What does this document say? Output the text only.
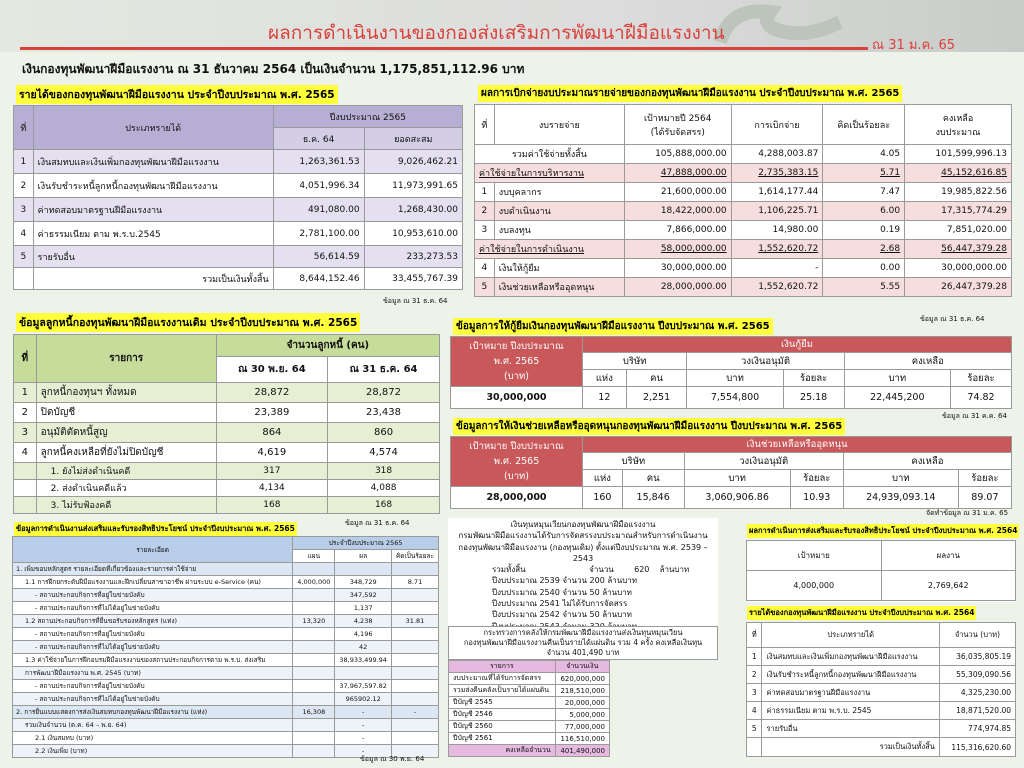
ผลการดำเนินงานของกองส่งเสริมการพัฒนาฝีมือแรงงาน
ณ 31 ม.ค. 65
เงินกองทุนพัฒนาฝีมือแรงงาน ณ 31 ธันวาคม 2564 เป็นเงินจำนวน 1,175,851,112.96 บาท
รายได้ของกองทุนพัฒนาฝีมือแรงงาน ประจำปีงบประมาณ พ.ศ. 2565
ที่	ประเภทรายได้	ปีงบประมาณ 2565	
		ธ.ค. 64	ยอดสะสม
1	เงินสมทบและเงินเพิ่มกองทุนพัฒนาฝีมือแรงงาน	1,263,361.53	9,026,462.21
2	เงินรับชำระหนี้ลูกหนี้กองทุนพัฒนาฝีมือแรงงาน	4,051,996.34	11,973,991.65
3	ค่าทดสอบมาตรฐานฝีมือแรงงาน	491,080.00	1,268,430.00
4	ค่าธรรมเนียม ตาม พ.ร.บ.2545	2,781,100.00	10,953,610.00
5	รายรับอื่น	56,614.59	233,273.53
	รวมเป็นเงินทั้งสิ้น	8,644,152.46	33,455,767.39
ข้อมูล ณ 31 ธ.ค. 64
ข้อมูลลูกหนี้กองทุนพัฒนาฝีมือแรงงานเดิม ประจำปีงบประมาณ พ.ศ. 2565
ที่	รายการ	จำนวนลูกหนี้ (คน)	
		ณ 30 พ.ย. 64	ณ 31 ธ.ค. 64
1	ลูกหนี้กองทุนฯ ทั้งหมด	28,872	28,872
2	ปิดบัญชี	23,389	23,438
3	อนุมัติตัดหนี้สูญ	864	860
4	ลูกหนี้คงเหลือที่ยังไม่ปิดบัญชี	4,619	4,574
	1. ยังไม่ส่งดำเนินคดี	317	318
	2. ส่งดำเนินคดีแล้ว	4,134	4,088
	3. ไม่รับฟ้องคดี	168	168
ผลการเบิกจ่ายงบประมาณรายจ่ายของกองทุนพัฒนาฝีมือแรงงาน ประจำปีงบประมาณ พ.ศ. 2565
ที่	งบรายจ่าย	เป้าหมายปี 2564
(ได้รับจัดสรร)	การเบิกจ่าย	คิดเป็นร้อยละ	คงเหลือ
งบประมาณ
รวมค่าใช้จ่ายทั้งสิ้น		105,888,000.00	4,288,003.87	4.05	101,599,996.13
ค่าใช้จ่ายในการบริหารงาน		47,888,000.00	2,735,383.15	5.71	45,152,616.85
1	งบบุคลากร	21,600,000.00	1,614,177.44	7.47	19,985,822.56
2	งบดำเนินงาน	18,422,000.00	1,106,225.71	6.00	17,315,774.29
3	งบลงทุน	7,866,000.00	14,980.00	0.19	7,851,020.00
ค่าใช้จ่ายในการดำเนินงาน		58,000,000.00	1,552,620.72	2.68	56,447,379.28
4	เงินให้กู้ยืม	30,000,000.00	-	0.00	30,000,000.00
5	เงินช่วยเหลือหรืออุดหนุน	28,000,000.00	1,552,620.72	5.55	26,447,379.28
ข้อมูล ณ 31 ธ.ค. 64
ข้อมูลการให้กู้ยืมเงินกองทุนพัฒนาฝีมือแรงงาน ปีงบประมาณ พ.ศ. 2565
เป้าหมาย ปีงบประมาณ
พ.ศ. 2565
(บาท)	เงินกู้ยืม					
	บริษัท		วงเงินอนุมัติ		คงเหลือ	
	แห่ง	คน	บาท	ร้อยละ	บาท	ร้อยละ
30,000,000	12	2,251	7,554,800	25.18	22,445,200	74.82
ข้อมูล ณ 31 ค.ค. 64
ข้อมูลการให้เงินช่วยเหลือหรืออุดหนุนกองทุนพัฒนาฝีมือแรงงาน ปีงบประมาณ พ.ศ. 2565
เป้าหมาย ปีงบประมาณ
พ.ศ. 2565
(บาท)	เงินช่วยเหลือหรืออุดหนุน					
	บริษัท		วงเงินอนุมัติ		คงเหลือ	
	แห่ง	คน	บาท	ร้อยละ	บาท	ร้อยละ
28,000,000	160	15,846	3,060,906.86	10.93	24,939,093.14	89.07
จัดทำข้อมูล ณ 31 ม.ค. 65
ข้อมูลการดำเนินงานส่งเสริมและรับรองสิทธิประโยชน์ ประจำปีงบประมาณ พ.ศ. 2565
ข้อมูล ณ 31 ธ.ค. 64
รายละเอียด	ประจำปีงบประมาณ 2565		
	แผน	ผล	คิดเป็นร้อยละ
1. เพิ่มขอบหลักสูตร รายละเอียดที่เกี่ยวข้องและรายการค่าใช้จ่าย			
1.1 การฝึกยกระดับฝีมือแรงงานและฝึกเปลี่ยนสาขาอาชีพ ผ่านระบบ e-Service (คน)	4,000,000	348,729	8.71
- สถานประกอบกิจการที่อยู่ในข่ายบังคับ		347,592	
- สถานประกอบกิจการที่ไม่ได้อยู่ในข่ายบังคับ		1,137	
1.2 สถานประกอบกิจการที่ยื่นขอรับรองหลักสูตร (แห่ง)	13,320	4,238	31.81
- สถานประกอบกิจการที่อยู่ในข่ายบังคับ		4,196	
- สถานประกอบกิจการที่ไม่ได้อยู่ในข่ายบังคับ		42	
1.3 ค่าใช้จ่ายในการฝึกอบรมฝีมือแรงงานของสถานประกอบกิจการตาม พ.ร.บ. ส่งเสริม		38,933,499.94	
การพัฒนาฝีมือแรงงาน พ.ศ. 2545 (บาท)			
- สถานประกอบกิจการที่อยู่ในข่ายบังคับ		37,967,597.82	
- สถานประกอบกิจการที่ไม่ได้อยู่ในข่ายบังคับ		965902.12	
2. การยื่นแบบแสดงการส่งเงินสมทบกองทุนพัฒนาฝีมือแรงงาน (แห่ง)	16,308	-	-
รวมเงินจำนวน (ต.ค. 64 – พ.ย. 64)		-	
2.1 เงินสมทบ (บาท)		-	
2.2 เงินเพิ่ม (บาท)		-	
ข้อมูล ณ 30 พ.ย. 64
เงินทุนหมุนเวียนกองทุนพัฒนาฝีมือแรงงาน
กรมพัฒนาฝีมือแรงงานได้รับการจัดสรรงบประมาณสำหรับการดำเนินงาน
กองทุนพัฒนาฝีมือแรงงาน (กองทุนเดิม) ตั้งแต่ปีงบประมาณ พ.ศ. 2539 – 2543
รวมทั้งสิ้น                         จำนวน        620    ล้านบาท
ปีงบประมาณ 2539 จำนวน 200 ล้านบาท
ปีงบประมาณ 2540 จำนวน 50 ล้านบาท
ปีงบประมาณ 2541 ไม่ได้รับการจัดสรร
ปีงบประมาณ 2542 จำนวน 50 ล้านบาท
กระทรวงการคลังให้กรมพัฒนาฝีมือแรงงานส่งเงินทุนหมุนเวียน
กองทุนพัฒนาฝีมือแรงงานคืนเป็นรายได้แผ่นดิน รวม 4 ครั้ง คงเหลือเงินทุน
จำนวน 401,490 บาท
รายการ	จำนวนเงิน
งบประมาณที่ได้รับการจัดสรร	620,000,000
รวมส่งคืนคลังเป็นรายได้แผ่นดิน	218,510,000
ปีบัญชี 2545	20,000,000
ปีบัญชี 2546	5,000,000
ปีบัญชี 2560	77,000,000
ปีบัญชี 2561	116,510,000
คงเหลือจำนวน	401,490,000
ผลการดำเนินการส่งเสริมและรับรองสิทธิประโยชน์ ประจำปีงบประมาณ พ.ศ. 2564
เป้าหมาย	ผลงาน
4,000,000	2,769,642
รายได้ของกองทุนพัฒนาฝีมือแรงงาน ประจำปีงบประมาณ พ.ศ. 2564
ที่	ประเภทรายได้	จำนวน (บาท)
1	เงินสมทบและเงินเพิ่มกองทุนพัฒนาฝีมือแรงงาน	36,035,805.19
2	เงินรับชำระหนี้ลูกหนี้กองทุนพัฒนาฝีมือแรงงาน	55,309,090.56
3	ค่าทดสอบมาตรฐานฝีมือแรงงาน	4,325,230.00
4	ค่าธรรมเนียม ตาม พ.ร.บ. 2545	18,871,520.00
5	รายรับอื่น	774,974.85
	รวมเป็นเงินทั้งสิ้น	115,316,620.60
